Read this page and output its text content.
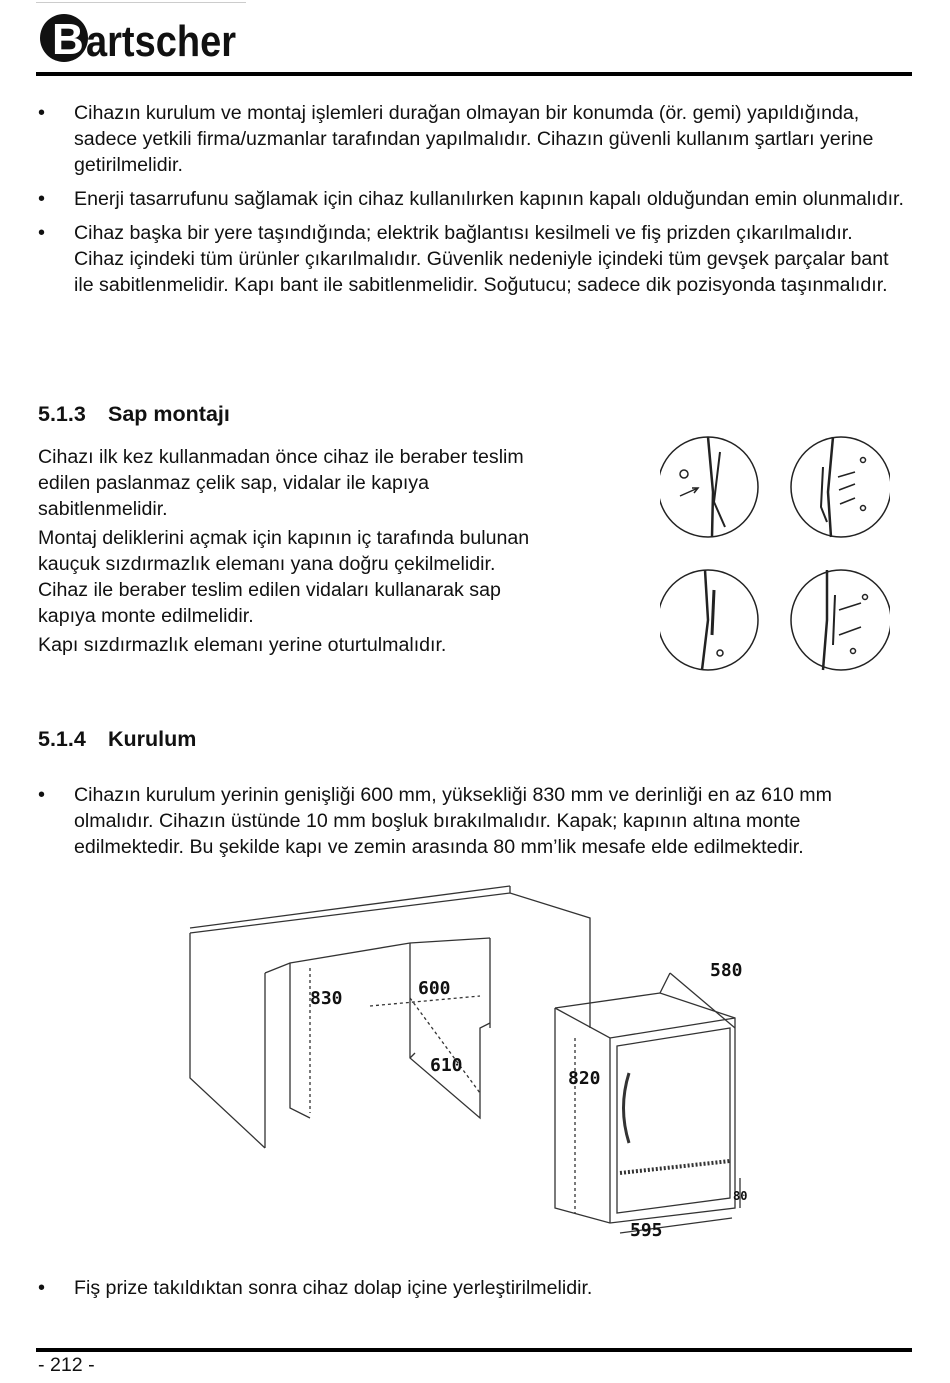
B artscher
• Cihazın kurulum ve montaj işlemleri durağan olmayan bir konumda (ör. gemi) yapıldığında, sadece yetkili firma/uzmanlar tarafından yapılmalıdır. Cihazın güvenli kullanım şartları yerine getirilmelidir.
• Enerji tasarrufunu sağlamak için cihaz kullanılırken kapının kapalı olduğundan emin olunmalıdır.
• Cihaz başka bir yere taşındığında; elektrik bağlantısı kesilmeli ve fiş prizden çıkarılmalıdır. Cihaz içindeki tüm ürünler çıkarılmalıdır. Güvenlik nedeniyle içindeki tüm gevşek parçalar bant ile sabitlenmelidir. Kapı bant ile sabitlenmelidir. Soğutucu; sadece dik pozisyonda taşınmalıdır.
5.1.3 Sap montajı

Cihazı ilk kez kullanmadan önce cihaz ile beraber teslim edilen paslanmaz çelik sap, vidalar ile kapıya sabitlenmelidir.

Montaj deliklerini açmak için kapının iç tarafında bulunan kauçuk sızdırmazlık elemanı yana doğru çekilmelidir. Cihaz ile beraber teslim edilen vidaları kullanarak sap kapıya monte edilmelidir.

Kapı sızdırmazlık elemanı yerine oturtulmalıdır.

5.1.4 Kurulum
• Cihazın kurulum yerinin genişliği 600 mm, yüksekliği 830 mm ve derinliği en az 610 mm olmalıdır. Cihazın üstünde 10 mm boşluk bırakılmalıdır. Kapak; kapının altına monte edilmektedir. Bu şekilde kapı ve zemin arasında 80 mm’lik mesafe elde edilmektedir.
830	600
610
580
820
595
80
• Fiş prize takıldıktan sonra cihaz dolap içine yerleştirilmelidir.
- 212 -
